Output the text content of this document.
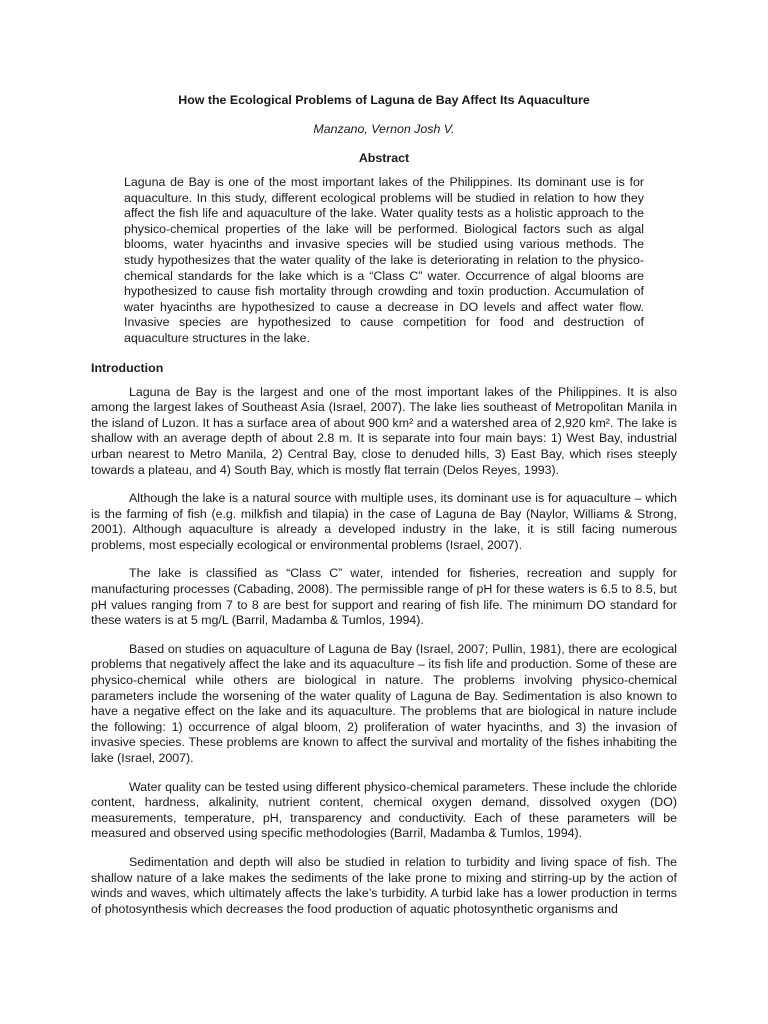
How the Ecological Problems of Laguna de Bay Affect Its Aquaculture

Manzano, Vernon Josh V.

Abstract

Laguna de Bay is one of the most important lakes of the Philippines. Its dominant use is for aquaculture. In this study, different ecological problems will be studied in relation to how they affect the fish life and aquaculture of the lake. Water quality tests as a holistic approach to the physico-chemical properties of the lake will be performed. Biological factors such as algal blooms, water hyacinths and invasive species will be studied using various methods. The study hypothesizes that the water quality of the lake is deteriorating in relation to the physico-chemical standards for the lake which is a “Class C” water. Occurrence of algal blooms are hypothesized to cause fish mortality through crowding and toxin production. Accumulation of water hyacinths are hypothesized to cause a decrease in DO levels and affect water flow. Invasive species are hypothesized to cause competition for food and destruction of aquaculture structures in the lake.

Introduction

Laguna de Bay is the largest and one of the most important lakes of the Philippines. It is also among the largest lakes of Southeast Asia (Israel, 2007). The lake lies southeast of Metropolitan Manila in the island of Luzon. It has a surface area of about 900 km² and a watershed area of 2,920 km². The lake is shallow with an average depth of about 2.8 m. It is separate into four main bays: 1) West Bay, industrial urban nearest to Metro Manila, 2) Central Bay, close to denuded hills, 3) East Bay, which rises steeply towards a plateau, and 4) South Bay, which is mostly flat terrain (Delos Reyes, 1993).

Although the lake is a natural source with multiple uses, its dominant use is for aquaculture – which is the farming of fish (e.g. milkfish and tilapia) in the case of Laguna de Bay (Naylor, Williams & Strong, 2001). Although aquaculture is already a developed industry in the lake, it is still facing numerous problems, most especially ecological or environmental problems (Israel, 2007).

The lake is classified as “Class C” water, intended for fisheries, recreation and supply for manufacturing processes (Cabading, 2008). The permissible range of pH for these waters is 6.5 to 8.5, but pH values ranging from 7 to 8 are best for support and rearing of fish life. The minimum DO standard for these waters is at 5 mg/L (Barril, Madamba & Tumlos, 1994).

Based on studies on aquaculture of Laguna de Bay (Israel, 2007; Pullin, 1981), there are ecological problems that negatively affect the lake and its aquaculture – its fish life and production. Some of these are physico-chemical while others are biological in nature. The problems involving physico-chemical parameters include the worsening of the water quality of Laguna de Bay. Sedimentation is also known to have a negative effect on the lake and its aquaculture. The problems that are biological in nature include the following: 1) occurrence of algal bloom, 2) proliferation of water hyacinths, and 3) the invasion of invasive species. These problems are known to affect the survival and mortality of the fishes inhabiting the lake (Israel, 2007).

Water quality can be tested using different physico-chemical parameters. These include the chloride content, hardness, alkalinity, nutrient content, chemical oxygen demand, dissolved oxygen (DO) measurements, temperature, pH, transparency and conductivity. Each of these parameters will be measured and observed using specific methodologies (Barril, Madamba & Tumlos, 1994).

Sedimentation and depth will also be studied in relation to turbidity and living space of fish. The shallow nature of a lake makes the sediments of the lake prone to mixing and stirring-up by the action of winds and waves, which ultimately affects the lake’s turbidity. A turbid lake has a lower production in terms of photosynthesis which decreases the food production of aquatic photosynthetic organisms and
